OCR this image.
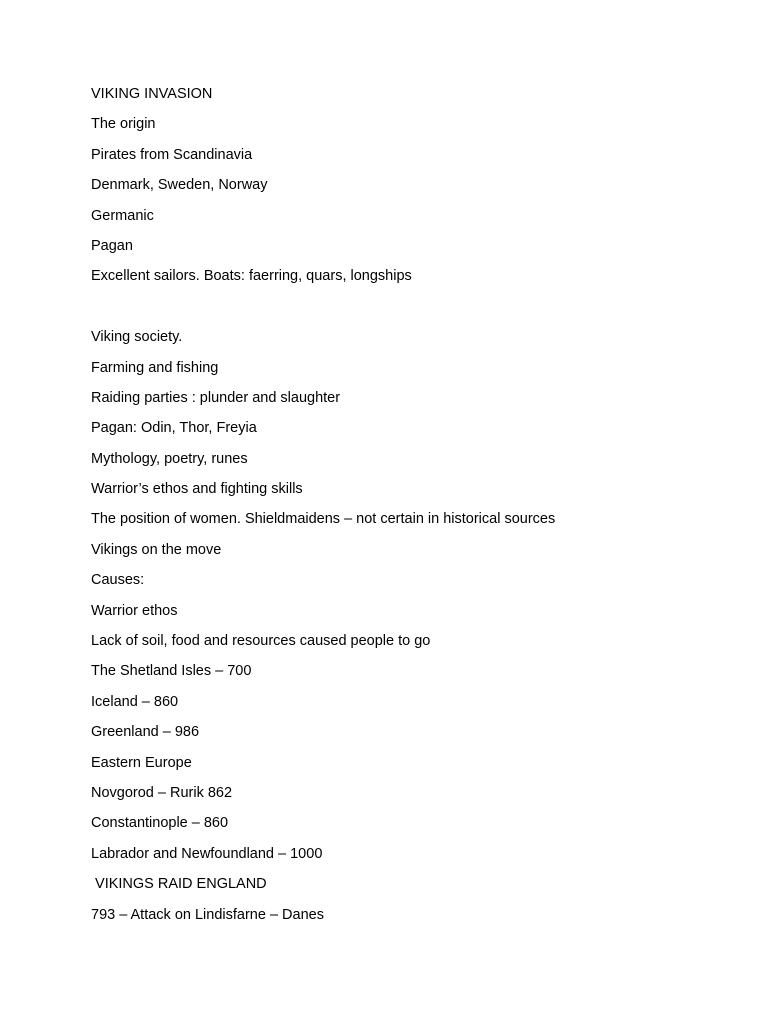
VIKING INVASION
The origin
Pirates from Scandinavia
Denmark, Sweden, Norway
Germanic
Pagan
Excellent sailors. Boats: faerring, quars, longships
Viking society.
Farming and fishing
Raiding parties : plunder and slaughter
Pagan: Odin, Thor, Freyia
Mythology, poetry, runes
Warrior’s ethos and fighting skills
The position of women. Shieldmaidens – not certain in historical sources
Vikings on the move
Causes:
Warrior ethos
Lack of soil, food and resources caused people to go
The Shetland Isles – 700
Iceland – 860
Greenland – 986
Eastern Europe
Novgorod – Rurik 862
Constantinople – 860
Labrador and Newfoundland – 1000
VIKINGS RAID ENGLAND
793 – Attack on Lindisfarne – Danes
